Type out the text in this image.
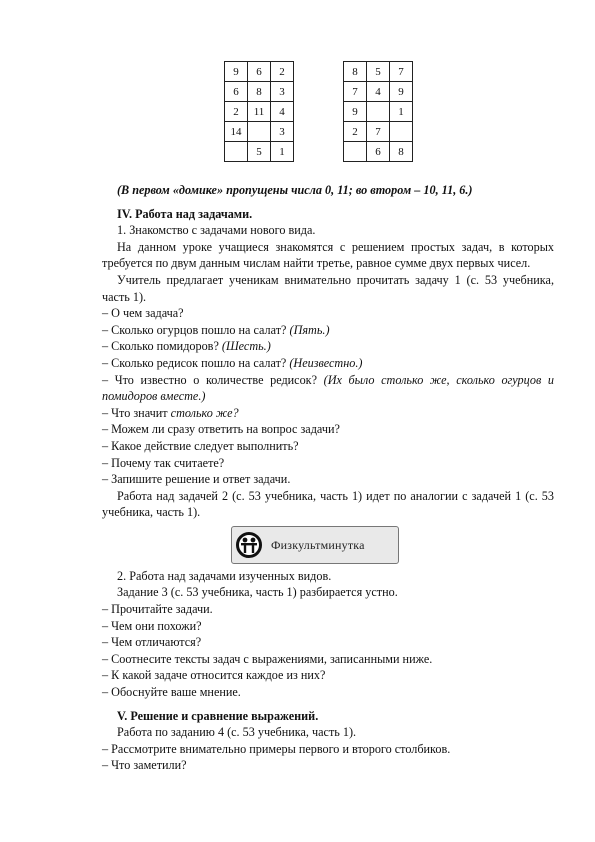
9	6	2
6	8	3
2	11	4
14		3
	5	1
8	5	7
7	4	9
9		1
2	7	
	6	8

(В первом «домике» пропущены числа 0, 11; во втором – 10, 11, 6.)

IV. Работа над задачами.

1. Знакомство с задачами нового вида.

На данном уроке учащиеся знакомятся с решением простых задач, в которых требуется по двум данным числам найти третье, равное сумме двух первых чисел.

Учитель предлагает ученикам внимательно прочитать задачу 1 (с. 53 учебника, часть 1).

– О чем задача?

– Сколько огурцов пошло на салат? (Пять.)

– Сколько помидоров? (Шесть.)

– Сколько редисок пошло на салат? (Неизвестно.)

– Что известно о количестве редисок? (Их было столько же, сколько огурцов и помидоров вместе.)

– Что значит столько же?

– Можем ли сразу ответить на вопрос задачи?

– Какое действие следует выполнить?

– Почему так считаете?

– Запишите решение и ответ задачи.

Работа над задачей 2 (с. 53 учебника, часть 1) идет по аналогии с задачей 1 (с. 53 учебника, часть 1).

Физкультминутка

2. Работа над задачами изученных видов.

Задание 3 (с. 53 учебника, часть 1) разбирается устно.

– Прочитайте задачи.

– Чем они похожи?

– Чем отличаются?

– Соотнесите тексты задач с выражениями, записанными ниже.

– К какой задаче относится каждое из них?

– Обоснуйте ваше мнение.

V. Решение и сравнение выражений.

Работа по заданию 4 (с. 53 учебника, часть 1).

– Рассмотрите внимательно примеры первого и второго столбиков.

– Что заметили?
